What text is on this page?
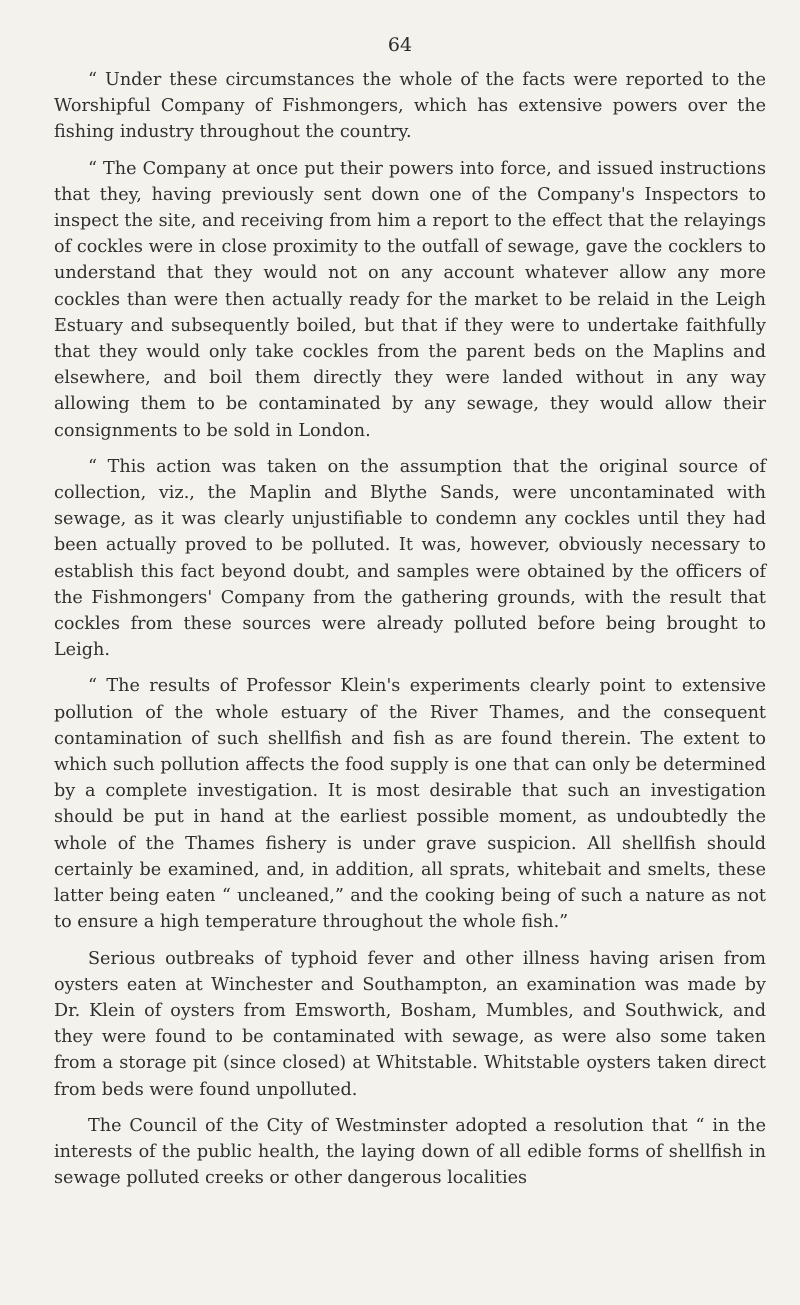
64

“ Under these circumstances the whole of the facts were reported to the Worshipful Company of Fishmongers, which has extensive powers over the fishing industry throughout the country.

“ The Company at once put their powers into force, and issued instructions that they, having previously sent down one of the Company's Inspectors to inspect the site, and receiving from him a report to the effect that the relayings of cockles were in close proximity to the outfall of sewage, gave the cocklers to understand that they would not on any account whatever allow any more cockles than were then actually ready for the market to be relaid in the Leigh Estuary and subsequently boiled, but that if they were to undertake faithfully that they would only take cockles from the parent beds on the Maplins and elsewhere, and boil them directly they were landed without in any way allowing them to be contaminated by any sewage, they would allow their consignments to be sold in London.

“ This action was taken on the assumption that the original source of collection, viz., the Maplin and Blythe Sands, were uncontaminated with sewage, as it was clearly unjustifiable to condemn any cockles until they had been actually proved to be polluted. It was, however, obviously necessary to establish this fact beyond doubt, and samples were obtained by the officers of the Fishmongers' Company from the gathering grounds, with the result that cockles from these sources were already polluted before being brought to Leigh.

“ The results of Professor Klein's experiments clearly point to extensive pollution of the whole estuary of the River Thames, and the consequent contamination of such shellfish and fish as are found therein. The extent to which such pollution affects the food supply is one that can only be determined by a complete investigation. It is most desirable that such an investigation should be put in hand at the earliest possible moment, as undoubtedly the whole of the Thames fishery is under grave suspicion. All shellfish should certainly be examined, and, in addition, all sprats, whitebait and smelts, these latter being eaten “ uncleaned,” and the cooking being of such a nature as not to ensure a high temperature throughout the whole fish.”

Serious outbreaks of typhoid fever and other illness having arisen from oysters eaten at Winchester and Southampton, an examination was made by Dr. Klein of oysters from Emsworth, Bosham, Mumbles, and Southwick, and they were found to be contaminated with sewage, as were also some taken from a storage pit (since closed) at Whitstable. Whitstable oysters taken direct from beds were found unpolluted.

The Council of the City of Westminster adopted a resolution that “ in the interests of the public health, the laying down of all edible forms of shellfish in sewage polluted creeks or other dangerous localities
